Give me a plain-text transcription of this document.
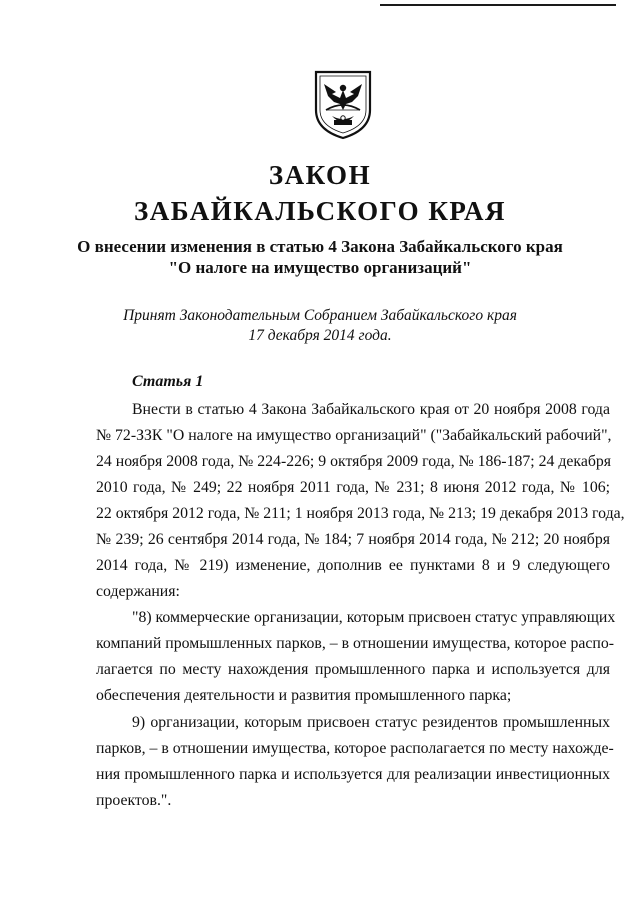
ЗАКОН
ЗАБАЙКАЛЬСКОГО КРАЯ
О внесении изменения в статью 4 Закона Забайкальского края
"О налоге на имущество организаций"
Принят Законодательным Собранием Забайкальского края
17 декабря 2014 года.
Статья 1
Внести в статью 4 Закона Забайкальского края от 20 ноября 2008 года
№ 72-ЗЗК "О налоге на имущество организаций" ("Забайкальский рабочий",
24 ноября 2008 года, № 224-226; 9 октября 2009 года, № 186-187; 24 декабря
2010 года, № 249; 22 ноября 2011 года, № 231; 8 июня 2012 года, № 106;
22 октября 2012 года, № 211; 1 ноября 2013 года, № 213; 19 декабря 2013 года,
№ 239; 26 сентября 2014 года, № 184; 7 ноября 2014 года, № 212; 20 ноября
2014 года, № 219) изменение, дополнив ее пунктами 8 и 9 следующего
содержания:
"8) коммерческие организации, которым присвоен статус управляющих
компаний промышленных парков, – в отношении имущества, которое распо-
лагается по месту нахождения промышленного парка и используется для
обеспечения деятельности и развития промышленного парка;
9) организации, которым присвоен статус резидентов промышленных
парков, – в отношении имущества, которое располагается по месту нахожде-
ния промышленного парка и используется для реализации инвестиционных
проектов.".
